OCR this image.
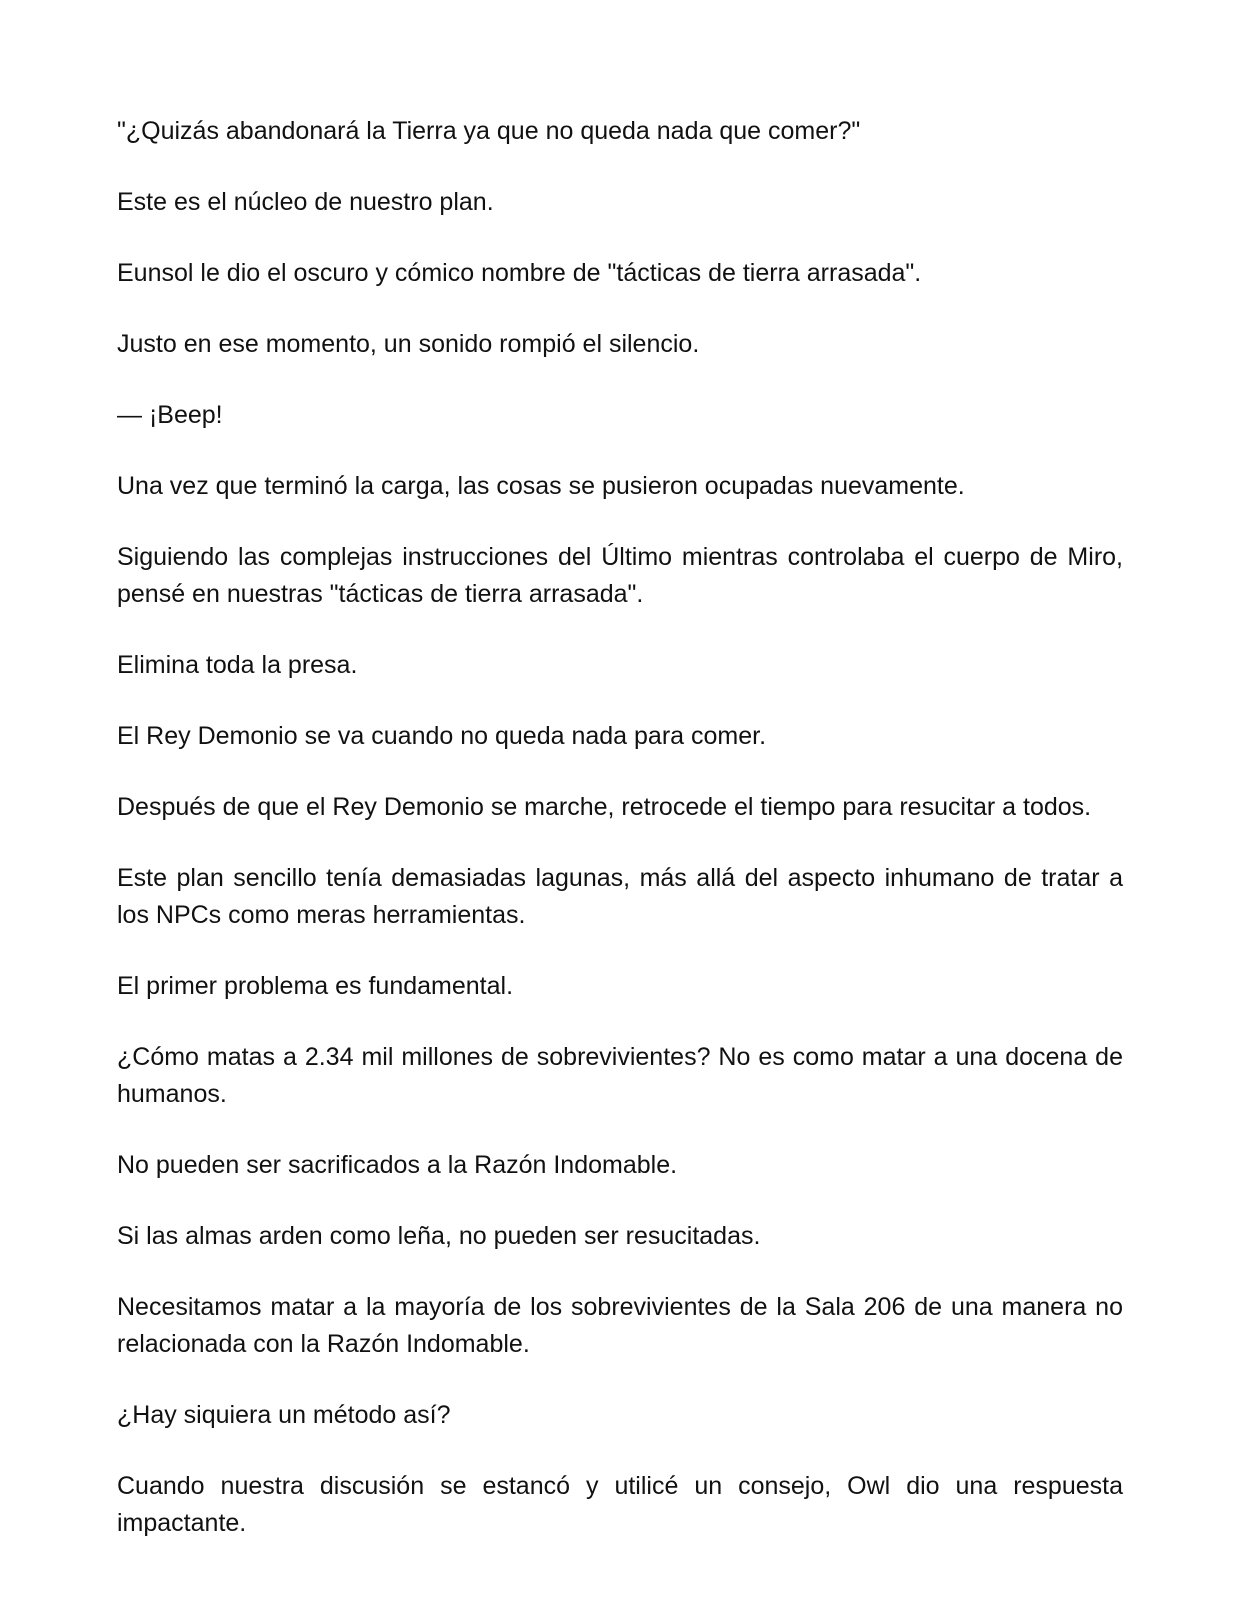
"¿Quizás abandonará la Tierra ya que no queda nada que comer?"

Este es el núcleo de nuestro plan.

Eunsol le dio el oscuro y cómico nombre de "tácticas de tierra arrasada".

Justo en ese momento, un sonido rompió el silencio.

— ¡Beep!

Una vez que terminó la carga, las cosas se pusieron ocupadas nuevamente.

Siguiendo las complejas instrucciones del Último mientras controlaba el cuerpo de Miro, pensé en nuestras "tácticas de tierra arrasada".

Elimina toda la presa.

El Rey Demonio se va cuando no queda nada para comer.

Después de que el Rey Demonio se marche, retrocede el tiempo para resucitar a todos.

Este plan sencillo tenía demasiadas lagunas, más allá del aspecto inhumano de tratar a los NPCs como meras herramientas.

El primer problema es fundamental.

¿Cómo matas a 2.34 mil millones de sobrevivientes? No es como matar a una docena de humanos.

No pueden ser sacrificados a la Razón Indomable.

Si las almas arden como leña, no pueden ser resucitadas.

Necesitamos matar a la mayoría de los sobrevivientes de la Sala 206 de una manera no relacionada con la Razón Indomable.

¿Hay siquiera un método así?

Cuando nuestra discusión se estancó y utilicé un consejo, Owl dio una respuesta impactante.
